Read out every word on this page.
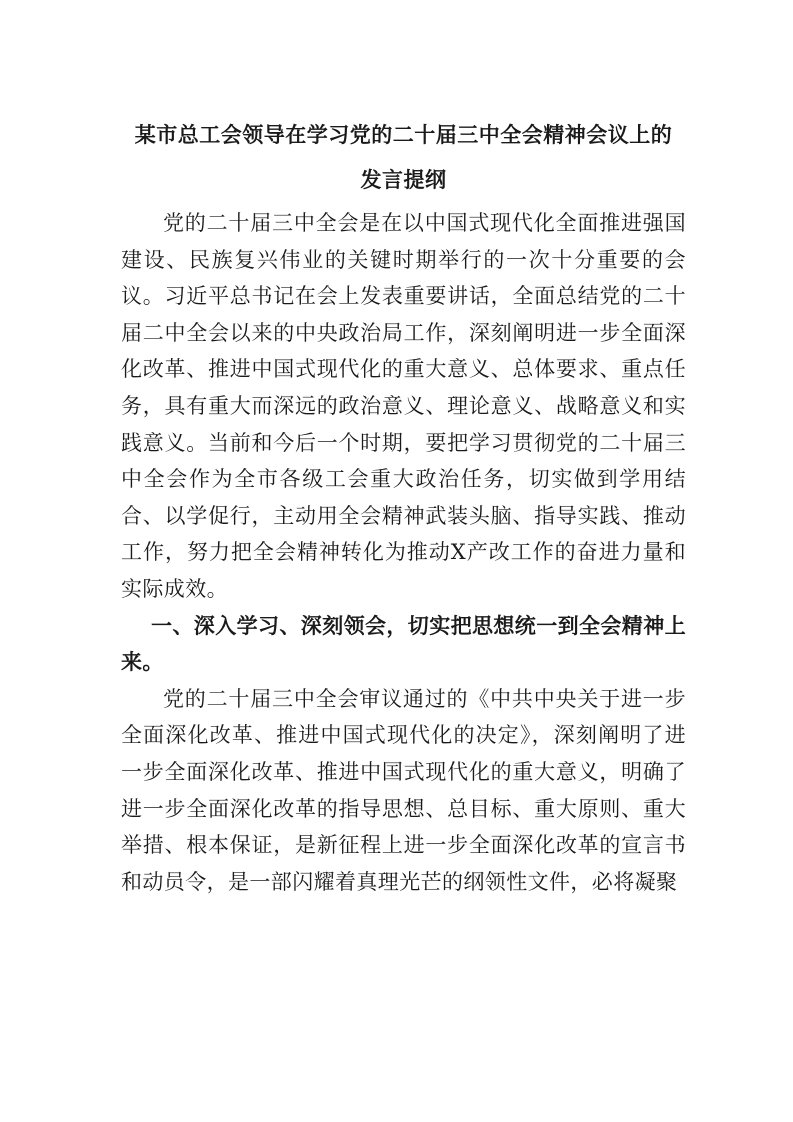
某市总工会领导在学习党的二十届三中全会精神会议上的
发言提纲

党的二十届三中全会是在以中国式现代化全面推进强国建设、民族复兴伟业的关键时期举行的一次十分重要的会议。习近平总书记在会上发表重要讲话，全面总结党的二十届二中全会以来的中央政治局工作，深刻阐明进一步全面深化改革、推进中国式现代化的重大意义、总体要求、重点任务，具有重大而深远的政治意义、理论意义、战略意义和实践意义。当前和今后一个时期，要把学习贯彻党的二十届三中全会作为全市各级工会重大政治任务，切实做到学用结合、以学促行，主动用全会精神武装头脑、指导实践、推动工作，努力把全会精神转化为推动X产改工作的奋进力量和实际成效。

一、深入学习、深刻领会，切实把思想统一到全会精神上来。

党的二十届三中全会审议通过的《中共中央关于进一步全面深化改革、推进中国式现代化的决定》，深刻阐明了进一步全面深化改革、推进中国式现代化的重大意义，明确了进一步全面深化改革的指导思想、总目标、重大原则、重大举措、根本保证，是新征程上进一步全面深化改革的宣言书和动员令，是一部闪耀着真理光芒的纲领性文件，必将凝聚
